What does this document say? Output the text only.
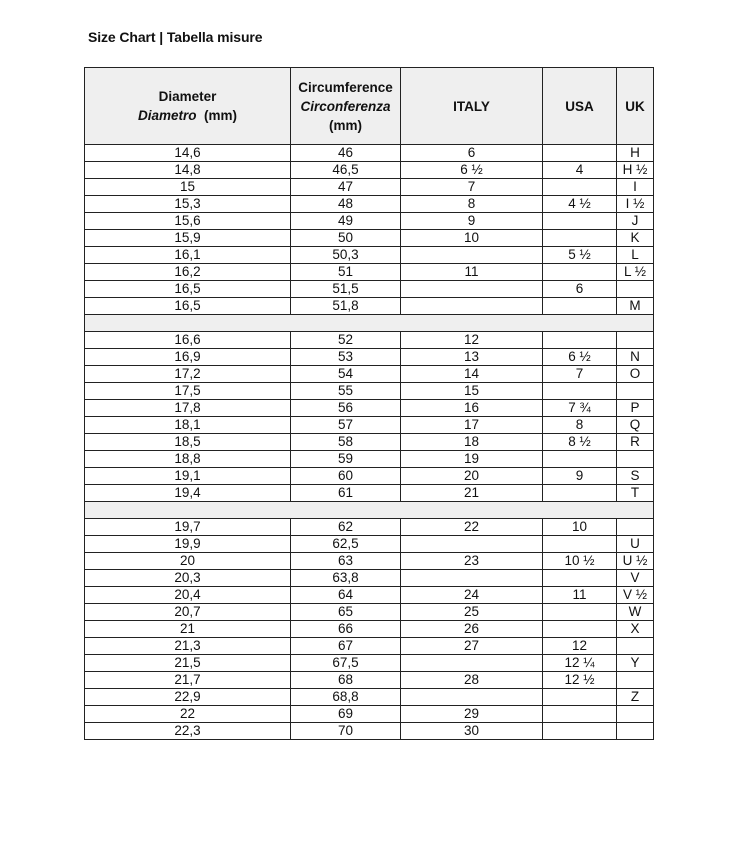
Size Chart | Tabella misure
Diameter
Diametro (mm)	Circumference
Circonferenza
(mm)	ITALY	USA	UK
14,6	46	6		H
14,8	46,5	6 ½	4	H ½
15	47	7		I
15,3	48	8	4 ½	I ½
15,6	49	9		J
15,9	50	10		K
16,1	50,3		5 ½	L
16,2	51	11		L ½
16,5	51,5		6	
16,5	51,8			M

16,6	52	12		
16,9	53	13	6 ½	N
17,2	54	14	7	O
17,5	55	15		
17,8	56	16	7 ¾	P
18,1	57	17	8	Q
18,5	58	18	8 ½	R
18,8	59	19		
19,1	60	20	9	S
19,4	61	21		T

19,7	62	22	10	
19,9	62,5			U
20	63	23	10 ½	U ½
20,3	63,8			V
20,4	64	24	11	V ½
20,7	65	25		W
21	66	26		X
21,3	67	27	12	
21,5	67,5		12 ¼	Y
21,7	68	28	12 ½	
22,9	68,8			Z
22	69	29		
22,3	70	30		
